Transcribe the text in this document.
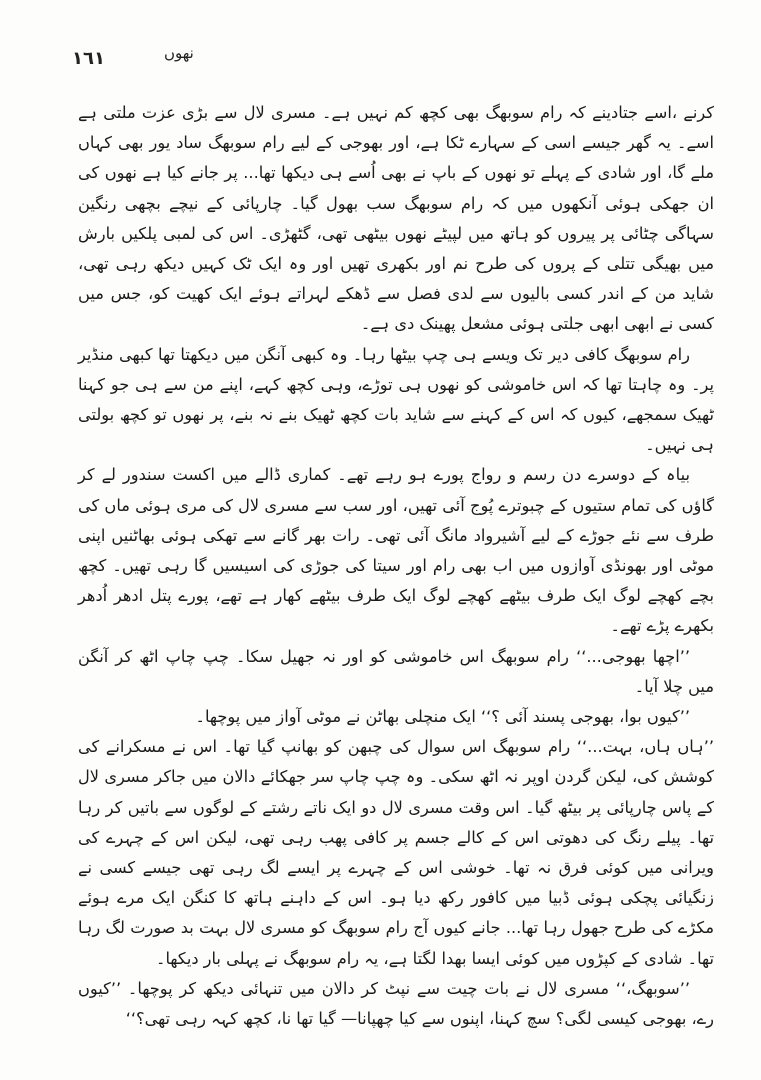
١٦١	نھوں

کرنے ،اسے جتادینے کہ رام سوبھگ بھی کچھ کم نہیں ہے۔ مسری لال سے بڑی عزت ملتی ہے اسے۔ یہ گھر جیسے اسی کے سہارے ٹکا ہے، اور بھوجی کے لیے رام سوبھگ ساد یور بھی کہاں ملے گا، اور شادی کے پہلے تو نھوں کے باپ نے بھی اُسے ہی دیکھا تھا... پر جانے کیا ہے نھوں کی ان جھکی ہوئی آنکھوں میں کہ رام سوبھگ سب بھول گیا۔ چارپائی کے نیچے بچھی رنگین سہاگی چٹائی پر پیروں کو ہاتھ میں لپیٹے نھوں بیٹھی تھی، گٹھڑی۔ اس کی لمبی پلکیں بارش میں بھیگی تتلی کے پروں کی طرح نم اور بکھری تھیں اور وہ ایک ٹک کہیں دیکھ رہی تھی، شاید من کے اندر کسی بالیوں سے لدی فصل سے ڈھکے لہراتے ہوئے ایک کھیت کو، جس میں کسی نے ابھی ابھی جلتی ہوئی مشعل پھینک دی ہے۔

رام سوبھگ کافی دیر تک ویسے ہی چپ بیٹھا رہا۔ وہ کبھی آنگن میں دیکھتا تھا کبھی منڈیر پر۔ وہ چاہتا تھا کہ اس خاموشی کو نھوں ہی توڑے، وہی کچھ کہے، اپنے من سے ہی جو کہنا ٹھیک سمجھے، کیوں کہ اس کے کہنے سے شاید بات کچھ ٹھیک بنے نہ بنے، پر نھوں تو کچھ بولتی ہی نہیں۔

بیاہ کے دوسرے دن رسم و رواج پورے ہو رہے تھے۔ کماری ڈالے میں اکست سندور لے کر گاؤں کی تمام ستیوں کے چبوترے پُوج آئی تھیں، اور سب سے مسری لال کی مری ہوئی ماں کی طرف سے نئے جوڑے کے لیے آشیرواد مانگ آئی تھی۔ رات بھر گانے سے تھکی ہوئی بھاٹنیں اپنی موٹی اور بھونڈی آوازوں میں اب بھی رام اور سیتا کی جوڑی کی اسیسیں گا رہی تھیں۔ کچھ بچے کھچے لوگ ایک طرف بیٹھے کھچے لوگ ایک طرف بیٹھے کھار ہے تھے، پورے پتل ادھر اُدھر بکھرے پڑے تھے۔

’’اچھا بھوجی...‘‘ رام سوبھگ اس خاموشی کو اور نہ جھیل سکا۔ چپ چاپ اٹھ کر آنگن میں چلا آیا۔

’’کیوں بوا، بھوجی پسند آئی ؟‘‘ ایک منچلی بھاٹن نے موٹی آواز میں پوچھا۔

’’ہاں ہاں، بہت...‘‘ رام سوبھگ اس سوال کی چبھن کو بھانپ گیا تھا۔ اس نے مسکرانے کی کوشش کی، لیکن گردن اوپر نہ اٹھ سکی۔ وہ چپ چاپ سر جھکائے دالان میں جاکر مسری لال کے پاس چارپائی پر بیٹھ گیا۔ اس وقت مسری لال دو ایک ناتے رشتے کے لوگوں سے باتیں کر رہا تھا۔ پیلے رنگ کی دھوتی اس کے کالے جسم پر کافی پھب رہی تھی، لیکن اس کے چہرے کی ویرانی میں کوئی فرق نہ تھا۔ خوشی اس کے چہرے پر ایسے لگ رہی تھی جیسے کسی نے زنگیائی پچکی ہوئی ڈبیا میں کافور رکھ دیا ہو۔ اس کے داہنے ہاتھ کا کنگن ایک مرے ہوئے مکڑے کی طرح جھول رہا تھا... جانے کیوں آج رام سوبھگ کو مسری لال بہت بد صورت لگ رہا تھا۔ شادی کے کپڑوں میں کوئی ایسا بھدا لگتا ہے، یہ رام سوبھگ نے پہلی بار دیکھا۔

’’سوبھگ،‘‘ مسری لال نے بات چیت سے نپٹ کر دالان میں تنہائی دیکھ کر پوچھا۔ ’’کیوں رے، بھوجی کیسی لگی؟ سچ کہنا، اپنوں سے کیا چھپانا— گیا تھا نا، کچھ کہہ رہی تھی؟‘‘
